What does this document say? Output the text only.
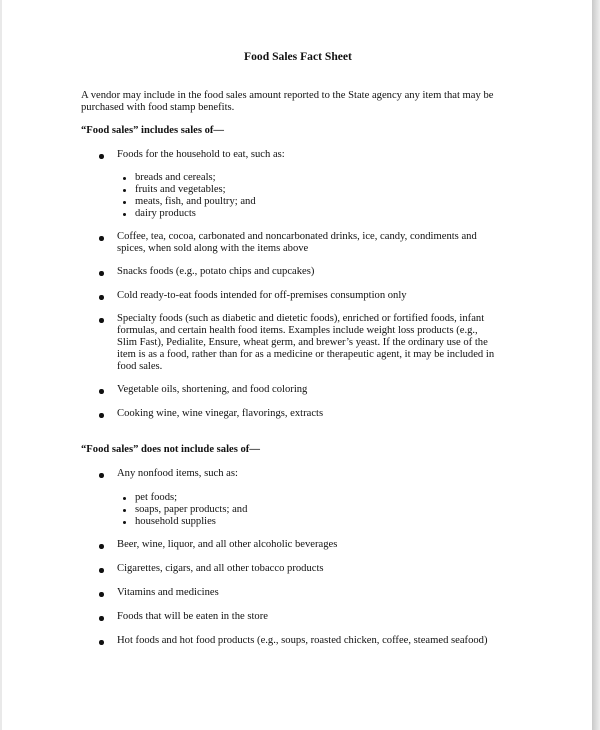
Food Sales Fact Sheet
A vendor may include in the food sales amount reported to the State agency any item that may be
purchased with food stamp benefits.
“Food sales” includes sales of—
Foods for the household to eat, such as:
breads and cereals;
fruits and vegetables;
meats, fish, and poultry; and
dairy products
Coffee, tea, cocoa, carbonated and noncarbonated drinks, ice, candy, condiments and
spices, when sold along with the items above
Snacks foods (e.g., potato chips and cupcakes)
Cold ready-to-eat foods intended for off-premises consumption only
Specialty foods (such as diabetic and dietetic foods), enriched or fortified foods, infant
formulas, and certain health food items. Examples include weight loss products (e.g.,
Slim Fast), Pedialite, Ensure, wheat germ, and brewer’s yeast. If the ordinary use of the
item is as a food, rather than for as a medicine or therapeutic agent, it may be included in
food sales.
Vegetable oils, shortening, and food coloring
Cooking wine, wine vinegar, flavorings, extracts
“Food sales” does not include sales of—
Any nonfood items, such as:
pet foods;
soaps, paper products; and
household supplies
Beer, wine, liquor, and all other alcoholic beverages
Cigarettes, cigars, and all other tobacco products
Vitamins and medicines
Foods that will be eaten in the store
Hot foods and hot food products (e.g., soups, roasted chicken, coffee, steamed seafood)
